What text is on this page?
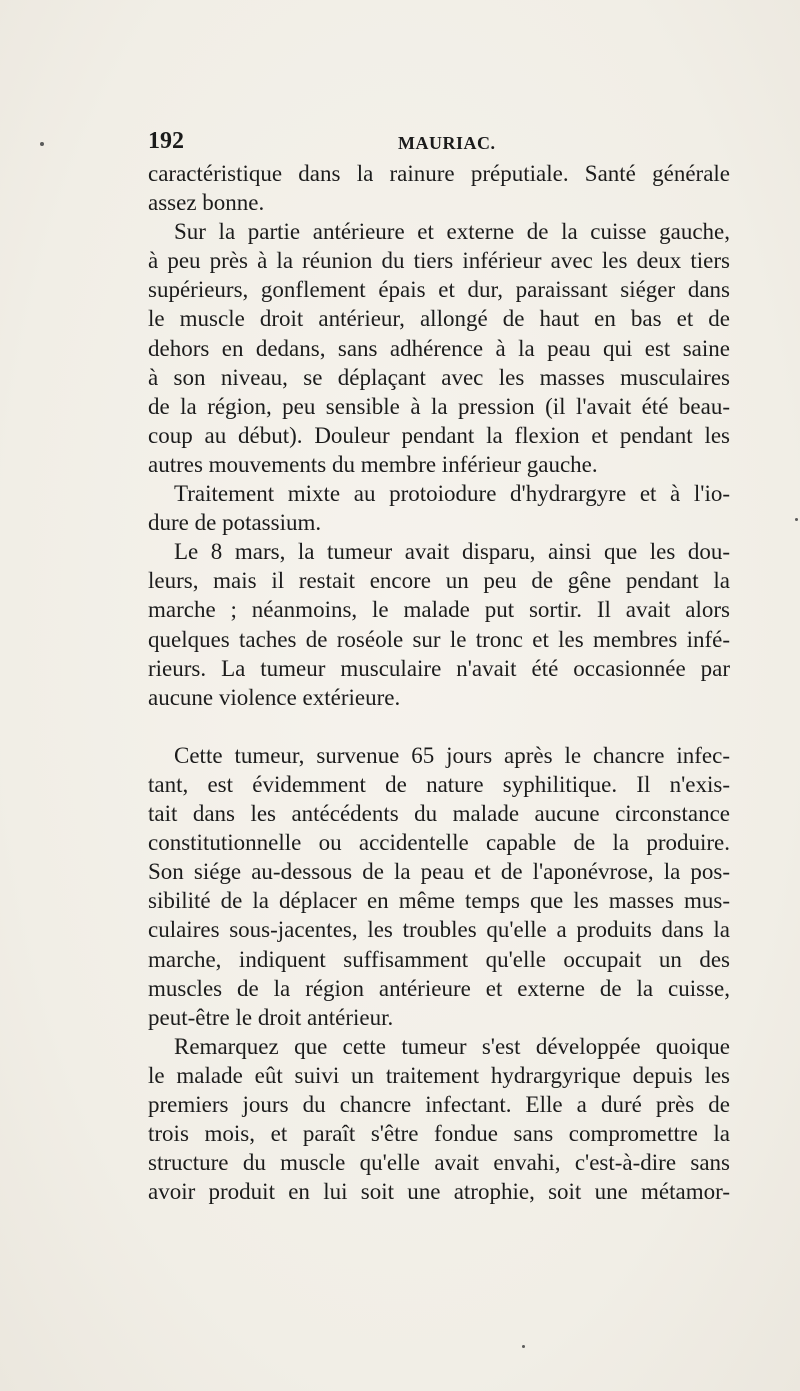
192	MAURIAC.
caractéristique dans la rainure préputiale. Santé générale
assez bonne.
Sur la partie antérieure et externe de la cuisse gauche,
à peu près à la réunion du tiers inférieur avec les deux tiers
supérieurs, gonflement épais et dur, paraissant siéger dans
le muscle droit antérieur, allongé de haut en bas et de
dehors en dedans, sans adhérence à la peau qui est saine
à son niveau, se déplaçant avec les masses musculaires
de la région, peu sensible à la pression (il l'avait été beau-
coup au début). Douleur pendant la flexion et pendant les
autres mouvements du membre inférieur gauche.
Traitement mixte au protoiodure d'hydrargyre et à l'io-
dure de potassium.
Le 8 mars, la tumeur avait disparu, ainsi que les dou-
leurs, mais il restait encore un peu de gêne pendant la
marche ; néanmoins, le malade put sortir. Il avait alors
quelques taches de roséole sur le tronc et les membres infé-
rieurs. La tumeur musculaire n'avait été occasionnée par
aucune violence extérieure.
Cette tumeur, survenue 65 jours après le chancre infec-
tant, est évidemment de nature syphilitique. Il n'exis-
tait dans les antécédents du malade aucune circonstance
constitutionnelle ou accidentelle capable de la produire.
Son siége au-dessous de la peau et de l'aponévrose, la pos-
sibilité de la déplacer en même temps que les masses mus-
culaires sous-jacentes, les troubles qu'elle a produits dans la
marche, indiquent suffisamment qu'elle occupait un des
muscles de la région antérieure et externe de la cuisse,
peut-être le droit antérieur.
Remarquez que cette tumeur s'est développée quoique
le malade eût suivi un traitement hydrargyrique depuis les
premiers jours du chancre infectant. Elle a duré près de
trois mois, et paraît s'être fondue sans compromettre la
structure du muscle qu'elle avait envahi, c'est-à-dire sans
avoir produit en lui soit une atrophie, soit une métamor-
